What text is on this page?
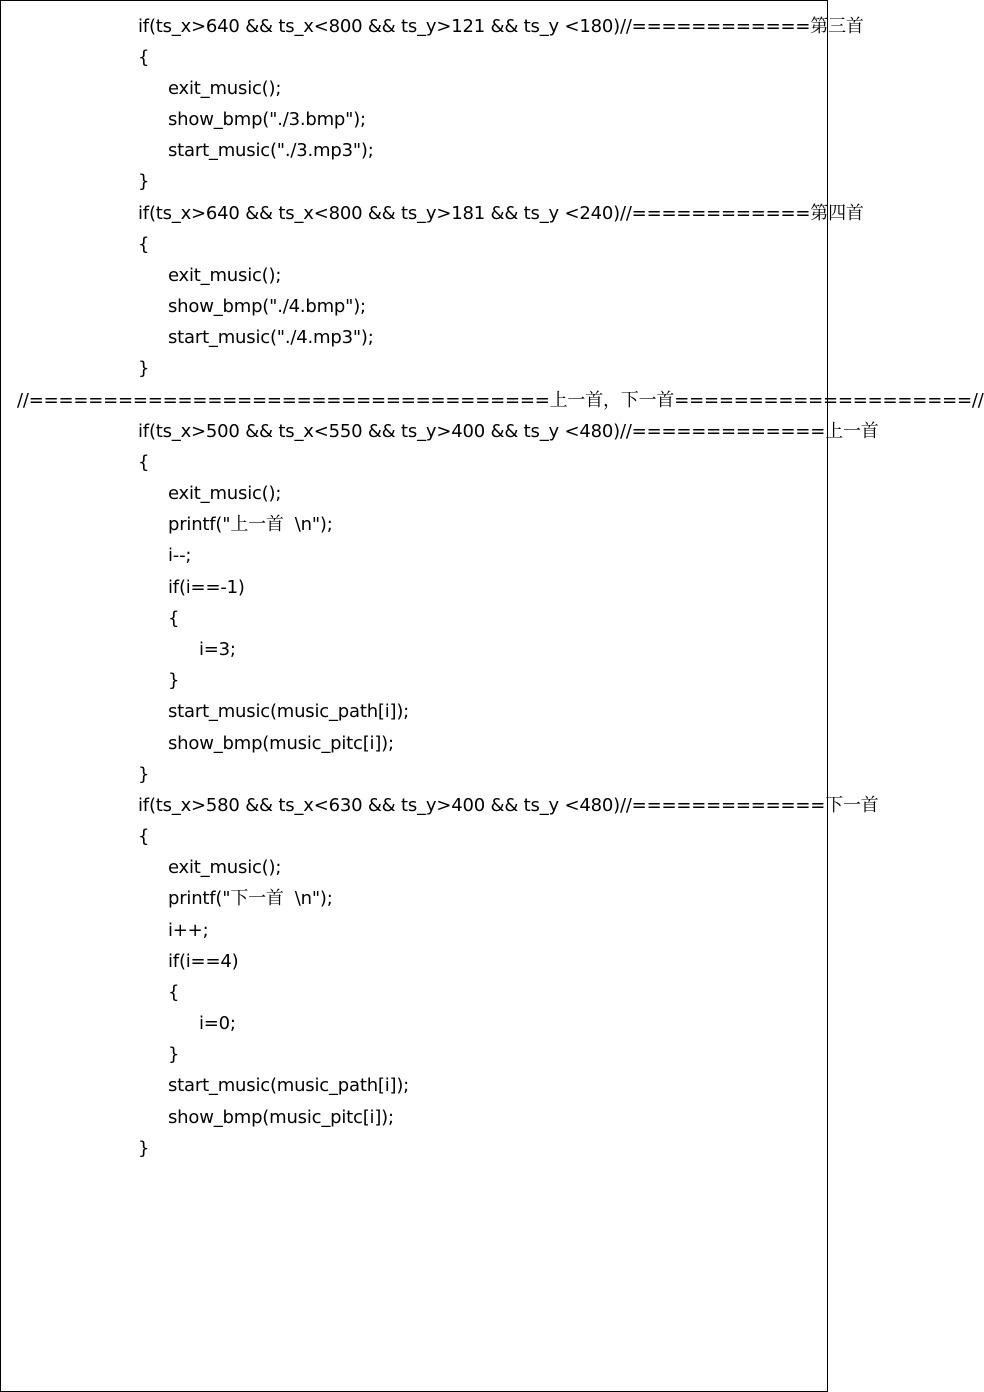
if(ts_x>640 && ts_x<800 && ts_y>121 && ts_y <180)//============第三首
{
exit_music();
show_bmp("./3.bmp");
start_music("./3.mp3");
}
if(ts_x>640 && ts_x<800 && ts_y>181 && ts_y <240)//============第四首
{
exit_music();
show_bmp("./4.bmp");
start_music("./4.mp3");
}
//===================================上一首，下一首====================//
if(ts_x>500 && ts_x<550 && ts_y>400 && ts_y <480)//=============上一首
{
exit_music();
printf("上一首  \n");
i--;
if(i==-1)
{
i=3;
}
start_music(music_path[i]);
show_bmp(music_pitc[i]);
}
if(ts_x>580 && ts_x<630 && ts_y>400 && ts_y <480)//=============下一首
{
exit_music();
printf("下一首  \n");
i++;
if(i==4)
{
i=0;
}
start_music(music_path[i]);
show_bmp(music_pitc[i]);
}
